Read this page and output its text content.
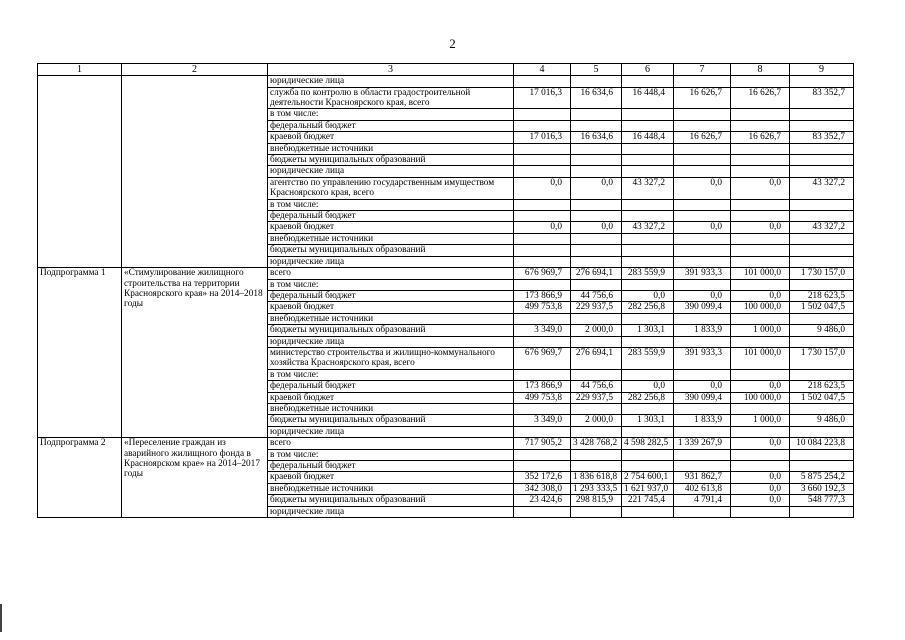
2
1	2	3	4	5	6	7	8	9
		юридические лица						
		служба по контролю в области градостроительной деятельности Красноярского края, всего	17 016,3	16 634,6	16 448,4	16 626,7	16 626,7	83 352,7
		в том числе:						
		федеральный бюджет						
		краевой бюджет	17 016,3	16 634,6	16 448,4	16 626,7	16 626,7	83 352,7
		внебюджетные источники						
		бюджеты муниципальных образований						
		юридические лица						
		агентство по управлению государственным имуществом Красноярского края, всего	0,0	0,0	43 327,2	0,0	0,0	43 327,2
		в том числе:						
		федеральный бюджет						
		краевой бюджет	0,0	0,0	43 327,2	0,0	0,0	43 327,2
		внебюджетные источники						
		бюджеты муниципальных образований						
		юридические лица						
Подпрограмма 1	«Стимулирование жилищного строительства на территории Красноярского края» на 2014–2018 годы	всего	676 969,7	276 694,1	283 559,9	391 933,3	101 000,0	1 730 157,0
		в том числе:						
		федеральный бюджет	173 866,9	44 756,6	0,0	0,0	0,0	218 623,5
		краевой бюджет	499 753,8	229 937,5	282 256,8	390 099,4	100 000,0	1 502 047,5
		внебюджетные источники						
		бюджеты муниципальных образований	3 349,0	2 000,0	1 303,1	1 833,9	1 000,0	9 486,0
		юридические лица						
		министерство строительства и жилищно-коммунального хозяйства Красноярского края, всего	676 969,7	276 694,1	283 559,9	391 933,3	101 000,0	1 730 157,0
		в том числе:						
		федеральный бюджет	173 866,9	44 756,6	0,0	0,0	0,0	218 623,5
		краевой бюджет	499 753,8	229 937,5	282 256,8	390 099,4	100 000,0	1 502 047,5
		внебюджетные источники						
		бюджеты муниципальных образований	3 349,0	2 000,0	1 303,1	1 833,9	1 000,0	9 486,0
		юридические лица						
Подпрограмма 2	«Переселение граждан из аварийного жилищного фонда в Красноярском крае» на 2014–2017 годы	всего	717 905,2	3 428 768,2	4 598 282,5	1 339 267,9	0,0	10 084 223,8
		в том числе:						
		федеральный бюджет						
		краевой бюджет	352 172,6	1 836 618,8	2 754 600,1	931 862,7	0,0	5 875 254,2
		внебюджетные источники	342 308,0	1 293 333,5	1 621 937,0	402 613,8	0,0	3 660 192,3
		бюджеты муниципальных образований	23 424,6	298 815,9	221 745,4	4 791,4	0,0	548 777,3
		юридические лица						
